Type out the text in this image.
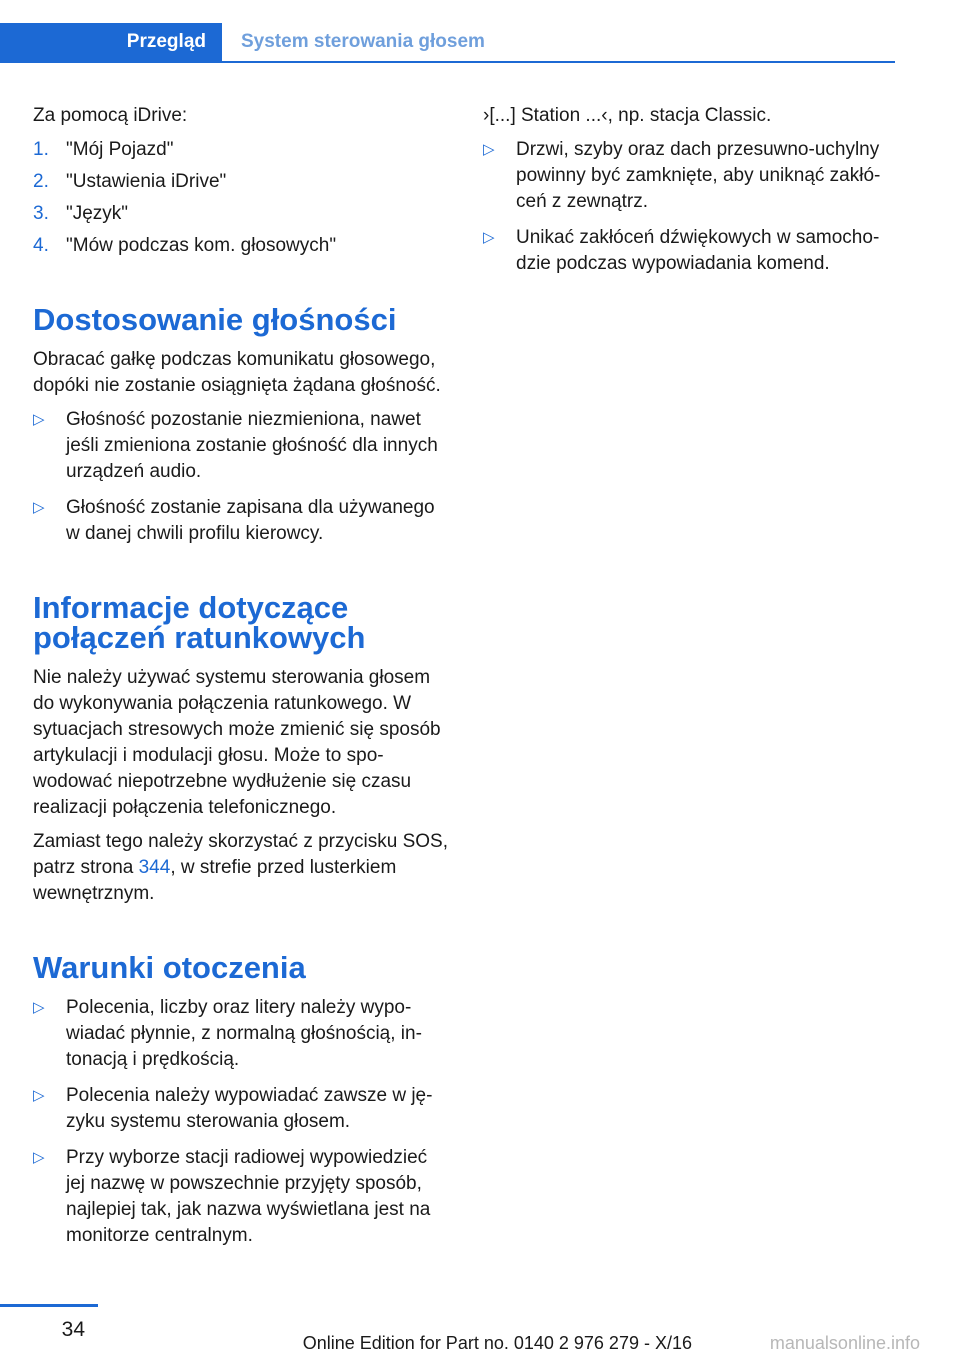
Przegląd System sterowania głosem

Za pomocą iDrive:

1. "Mój Pojazd"
2. "Ustawienia iDrive"
3. "Język"
4. "Mów podczas kom. głosowych"
Dostosowanie głośności

Obracać gałkę podczas komunikatu głosowego, dopóki nie zostanie osiągnięta żądana głośność.

▷ Głośność pozostanie niezmieniona, nawet jeśli zmieniona zostanie głośność dla innych urządzeń audio.
▷ Głośność zostanie zapisana dla używanego w danej chwili profilu kierowcy.
Informacje dotyczące połączeń ratunkowych

Nie należy używać systemu sterowania głosem do wykonywania połączenia ratunkowego. W sytuacjach stresowych może zmienić się sposób artykulacji i modulacji głosu. Może to spowodować niepotrzebne wydłużenie się czasu realizacji połączenia telefonicznego.

Zamiast tego należy skorzystać z przycisku SOS, patrz strona 344, w strefie przed lusterkiem wewnętrznym.

Warunki otoczenia
▷ Polecenia, liczby oraz litery należy wypowiadać płynnie, z normalną głośnością, intonacją i prędkością.
▷ Polecenia należy wypowiadać zawsze w języku systemu sterowania głosem.
▷ Przy wyborze stacji radiowej wypowiedzieć jej nazwę w powszechnie przyjęty sposób, najlepiej tak, jak nazwa wyświetlana jest na monitorze centralnym.

›[...] Station ...‹, np. stacja Classic.

▷ Drzwi, szyby oraz dach przesuwno-uchylny powinny być zamknięte, aby uniknąć zakłóceń z zewnątrz.
▷ Unikać zakłóceń dźwiękowych w samochodzie podczas wypowiadania komend.
34
Online Edition for Part no. 0140 2 976 279 - X/16	manualsonline.info
